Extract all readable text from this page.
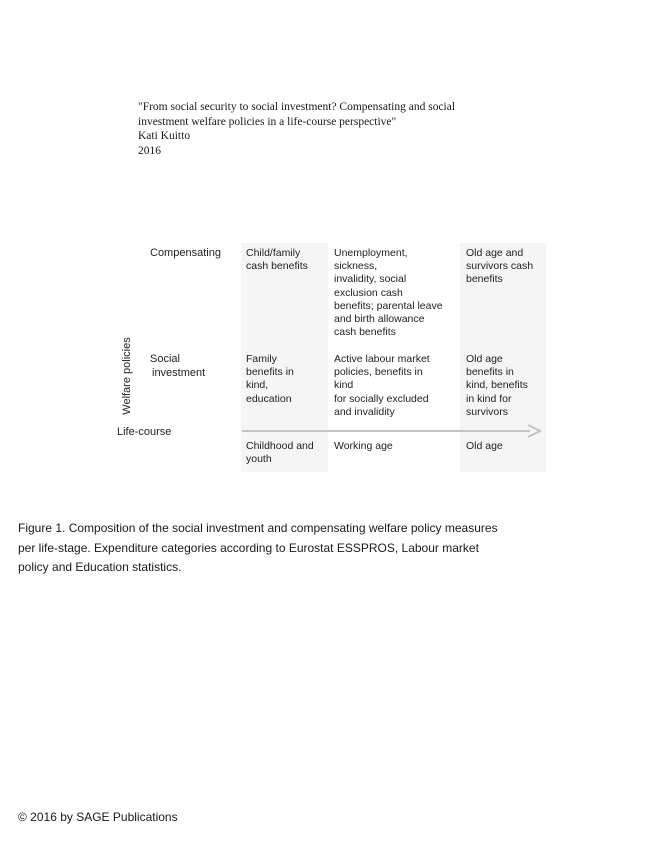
"From social security to social investment? Compensating and social
investment welfare policies in a life-course perspective"
Kati Kuitto
2016
Welfare policies
Compensating
Social
investment
Child/family
cash benefits
Unemployment,
sickness,
invalidity, social
exclusion cash
benefits; parental leave
and birth allowance
cash benefits
Old age and
survivors cash
benefits
Family
benefits in
kind,
education
Active labour market
policies, benefits in
kind
for socially excluded
and invalidity
Old age
benefits in
kind, benefits
in kind for
survivors
Life-course
Childhood and
youth
Working age	Old age
Figure 1. Composition of the social investment and compensating welfare policy measures
per life-stage. Expenditure categories according to Eurostat ESSPROS, Labour market
policy and Education statistics.
© 2016 by SAGE Publications
